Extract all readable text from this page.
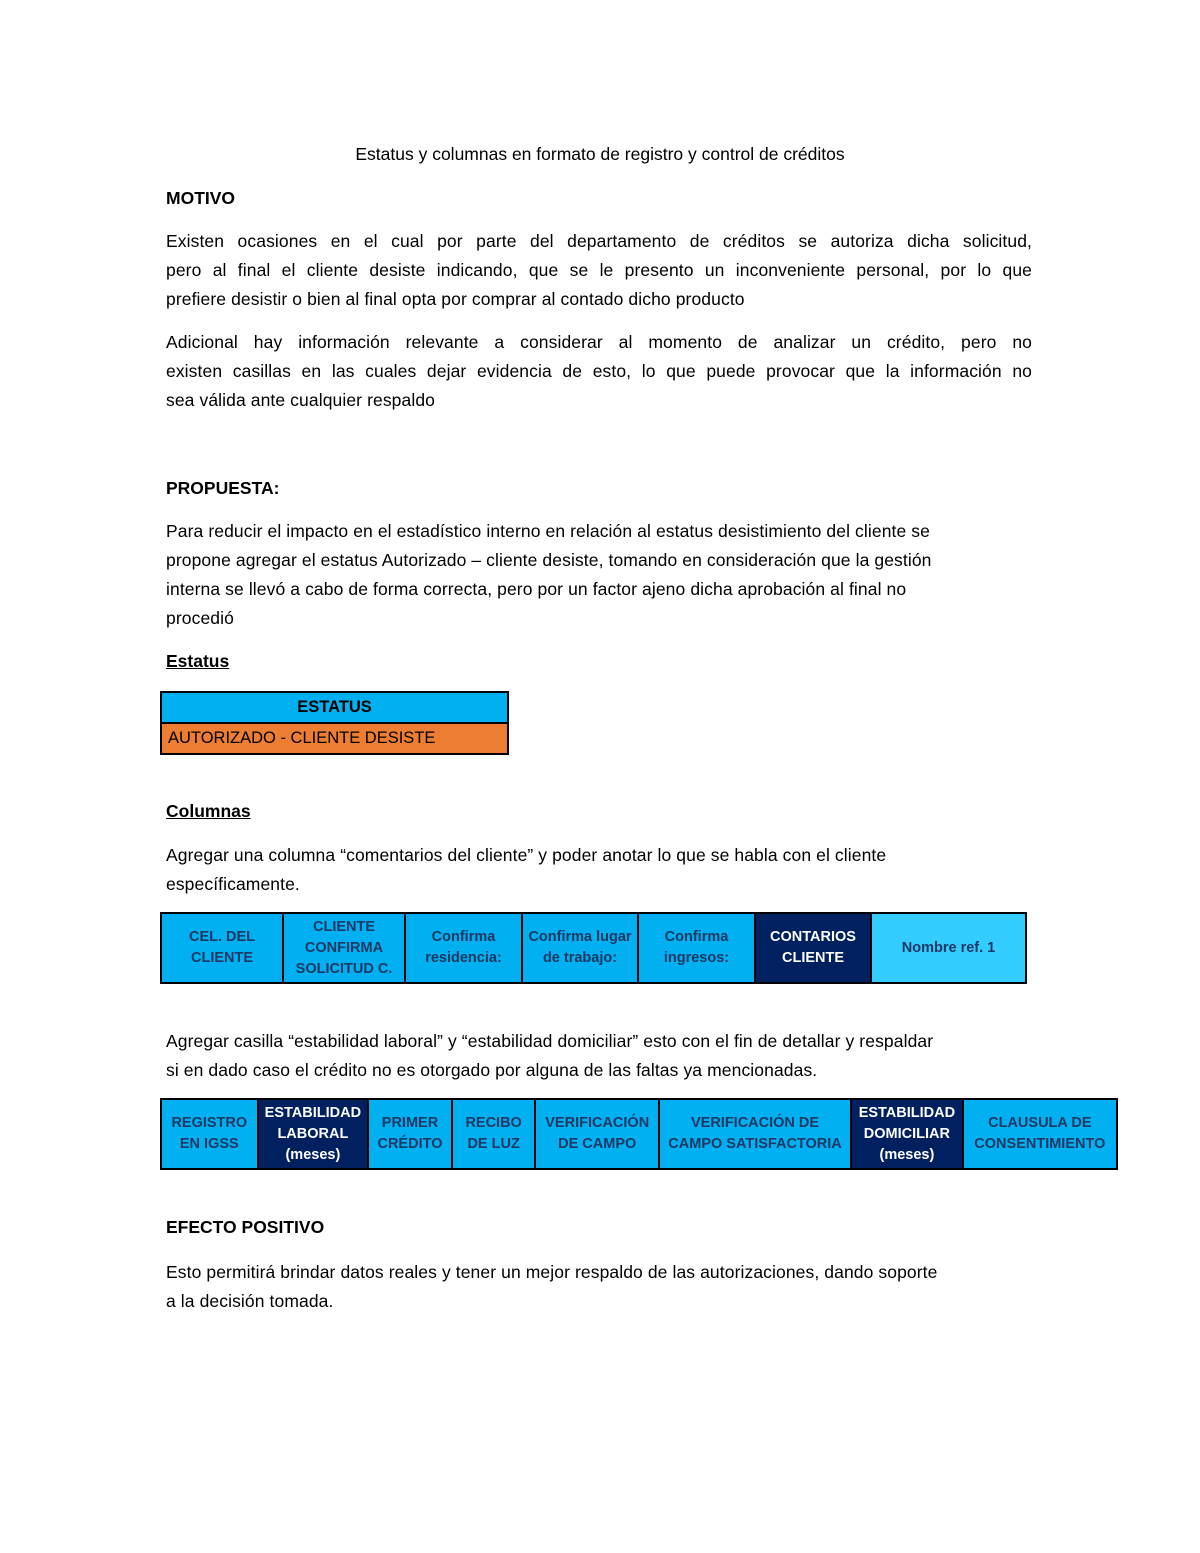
Estatus y columnas en formato de registro y control de créditos
MOTIVO
Existen ocasiones en el cual por parte del departamento de créditos se autoriza dicha solicitud,
pero al final el cliente desiste indicando, que se le presento un inconveniente personal, por lo que
prefiere desistir o bien al final opta por comprar al contado dicho producto
Adicional hay información relevante a considerar al momento de analizar un crédito, pero no
existen casillas en las cuales dejar evidencia de esto, lo que puede provocar que la información no
sea válida ante cualquier respaldo
PROPUESTA:
Para reducir el impacto en el estadístico interno en relación al estatus desistimiento del cliente se
propone agregar el estatus Autorizado – cliente desiste, tomando en consideración que la gestión
interna se llevó a cabo de forma correcta, pero por un factor ajeno dicha aprobación al final no
procedió
Estatus
ESTATUS
AUTORIZADO - CLIENTE DESISTE
Columnas
Agregar una columna “comentarios del cliente” y poder anotar lo que se habla con el cliente
específicamente.
CEL. DEL CLIENTE
CLIENTE CONFIRMA SOLICITUD C.
Confirma residencia:
Confirma lugar de trabajo:
Confirma ingresos:
CONTARIOS CLIENTE
Nombre ref. 1
Agregar casilla “estabilidad laboral” y “estabilidad domiciliar” esto con el fin de detallar y respaldar
si en dado caso el crédito no es otorgado por alguna de las faltas ya mencionadas.
REGISTRO EN IGSS
ESTABILIDAD LABORAL (meses)
PRIMER CRÉDITO
RECIBO DE LUZ
VERIFICACIÓN DE CAMPO
VERIFICACIÓN DE CAMPO SATISFACTORIA
ESTABILIDAD DOMICILIAR (meses)
CLAUSULA DE CONSENTIMIENTO
EFECTO POSITIVO
Esto permitirá brindar datos reales y tener un mejor respaldo de las autorizaciones, dando soporte
a la decisión tomada.
